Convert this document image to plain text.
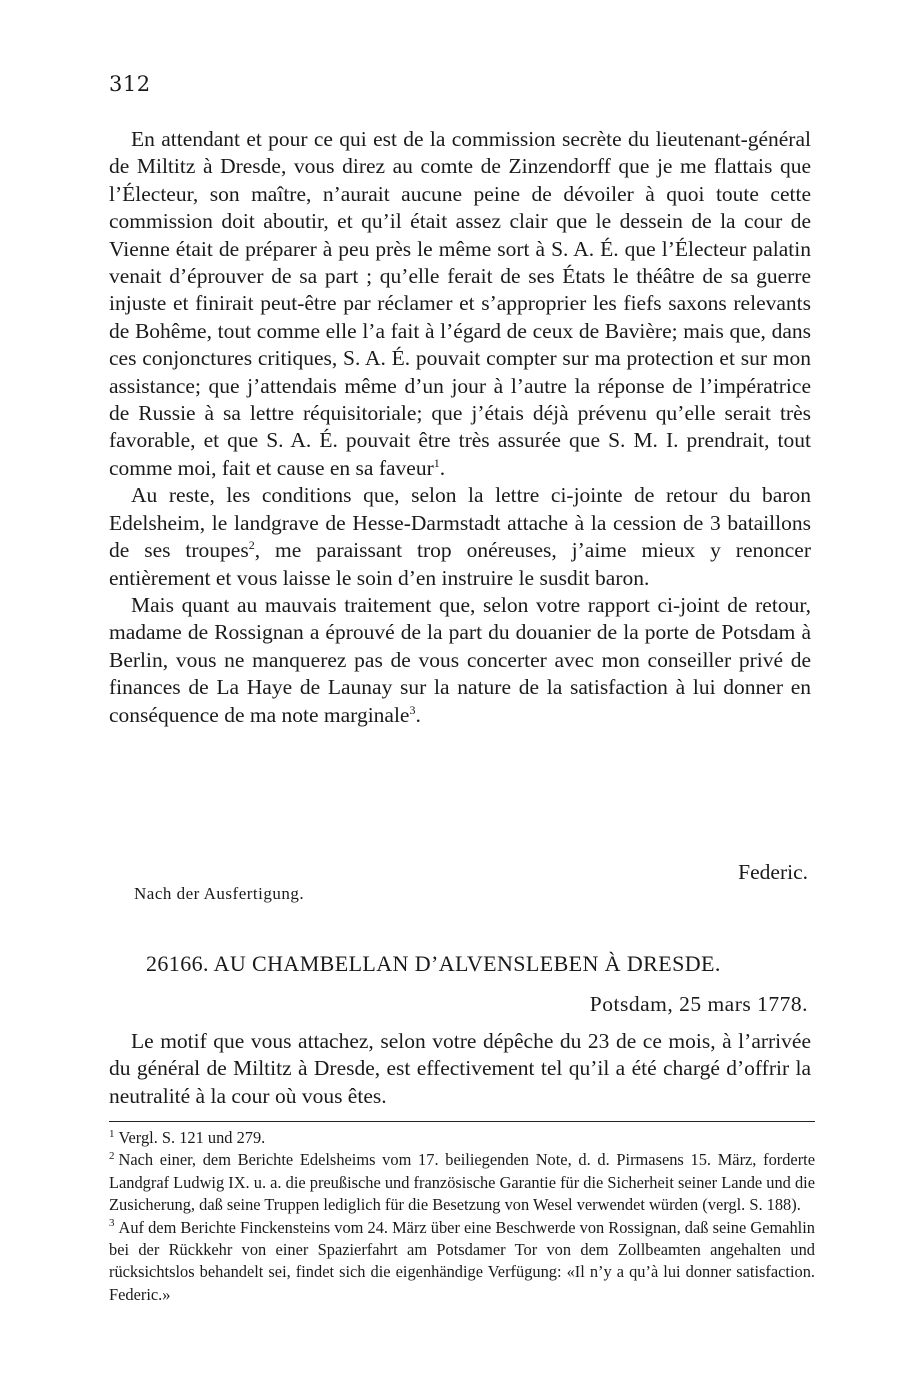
312

En attendant et pour ce qui est de la commission secrète du lieutenant-général de Miltitz à Dresde, vous direz au comte de Zinzendorff que je me flattais que l’Électeur, son maître, n’aurait aucune peine de dévoiler à quoi toute cette commission doit aboutir, et qu’il était assez clair que le dessein de la cour de Vienne était de préparer à peu près le même sort à S. A. É. que l’Électeur palatin venait d’éprouver de sa part ; qu’elle ferait de ses États le théâtre de sa guerre injuste et finirait peut-être par réclamer et s’approprier les fiefs saxons relevants de Bohême, tout comme elle l’a fait à l’égard de ceux de Bavière; mais que, dans ces conjonctures critiques, S. A. É. pouvait compter sur ma protection et sur mon assistance; que j’attendais même d’un jour à l’autre la réponse de l’impératrice de Russie à sa lettre réquisitoriale; que j’étais déjà prévenu qu’elle serait très favorable, et que S. A. É. pouvait être très assurée que S. M. I. prendrait, tout comme moi, fait et cause en sa faveur$^1$.

Au reste, les conditions que, selon la lettre ci-jointe de retour du baron Edelsheim, le landgrave de Hesse-Darmstadt attache à la cession de 3 bataillons de ses troupes$^2$, me paraissant trop onéreuses, j’aime mieux y renoncer entièrement et vous laisse le soin d’en instruire le susdit baron.

Mais quant au mauvais traitement que, selon votre rapport ci-joint de retour, madame de Rossignan a éprouvé de la part du douanier de la porte de Potsdam à Berlin, vous ne manquerez pas de vous concerter avec mon conseiller privé de finances de La Haye de Launay sur la nature de la satisfaction à lui donner en conséquence de ma note marginale$^3$.

Federic.
Nach der Ausfertigung.
26166. AU CHAMBELLAN D’ALVENSLEBEN À DRESDE.
Potsdam, 25 mars 1778.

Le motif que vous attachez, selon votre dépêche du 23 de ce mois, à l’arrivée du général de Miltitz à Dresde, est effectivement tel qu’il a été chargé d’offrir la neutralité à la cour où vous êtes.

$^1$ Vergl. S. 121 und 279.

$^2$ Nach einer, dem Berichte Edelsheims vom 17. beiliegenden Note, d. d. Pirmasens 15. März, forderte Landgraf Ludwig IX. u. a. die preußische und französische Garantie für die Sicherheit seiner Lande und die Zusicherung, daß seine Truppen lediglich für die Besetzung von Wesel verwendet würden (vergl. S. 188).

$^3$ Auf dem Berichte Finckensteins vom 24. März über eine Beschwerde von Rossignan, daß seine Gemahlin bei der Rückkehr von einer Spazierfahrt am Potsdamer Tor von dem Zollbeamten angehalten und rücksichtslos behandelt sei, findet sich die eigenhändige Verfügung: «Il n’y a qu’à lui donner satisfaction. Federic.»
